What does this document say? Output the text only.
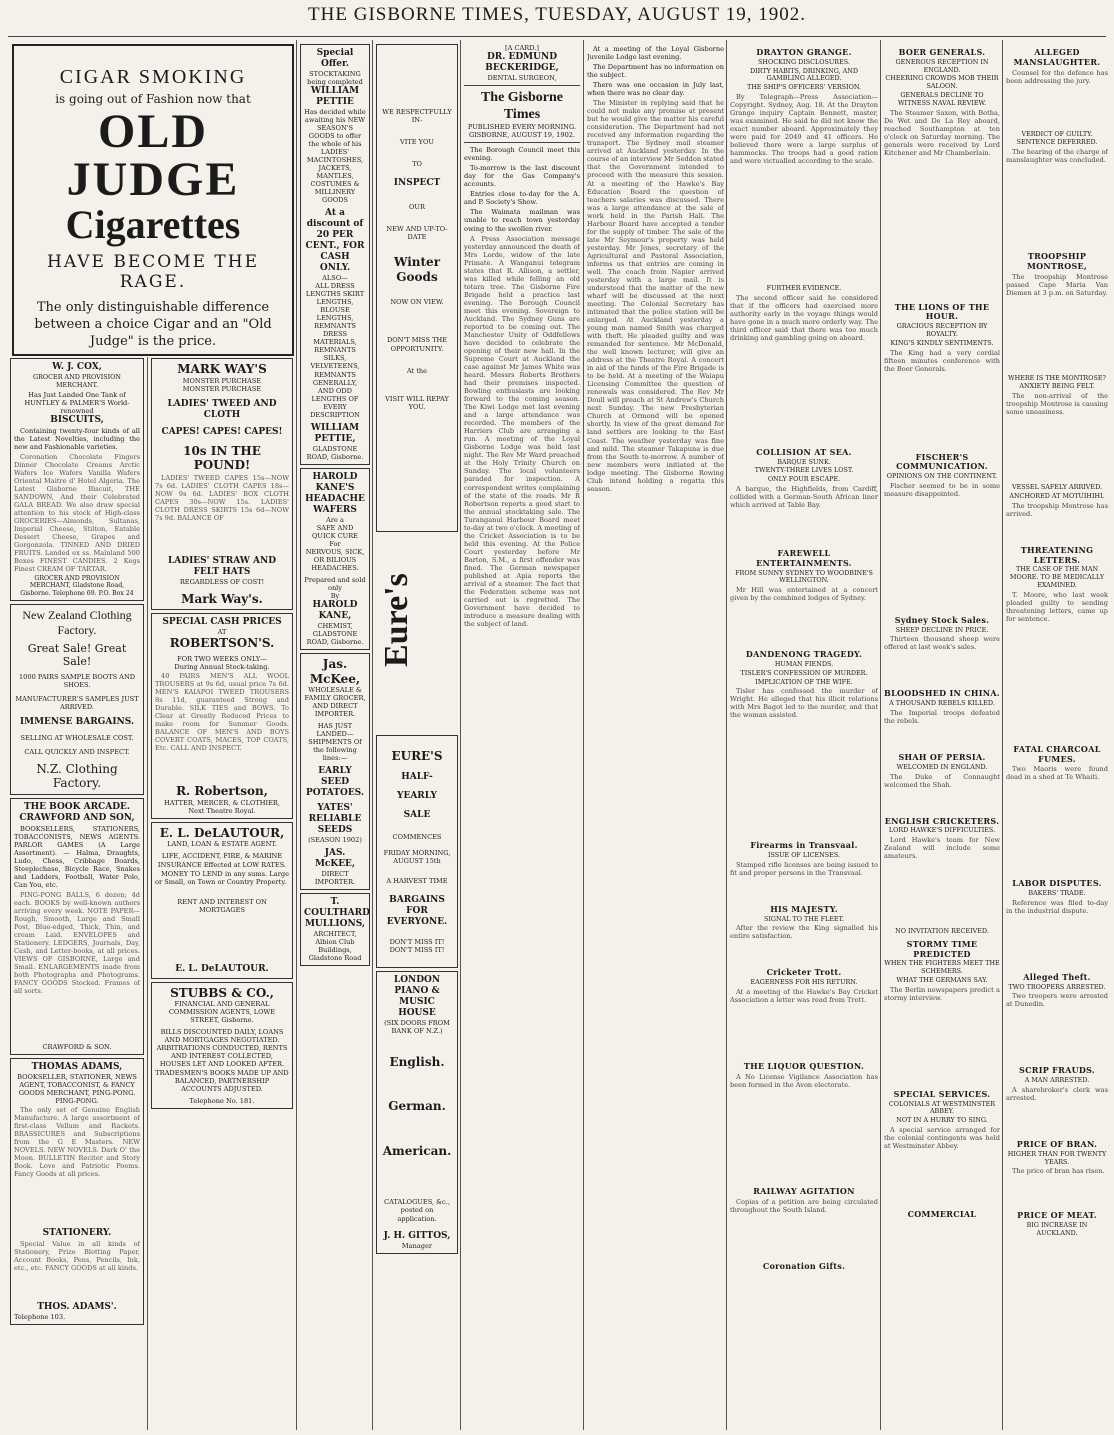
THE GISBORNE TIMES, TUESDAY, AUGUST 19, 1902.
CIGAR SMOKING
is going out of Fashion now that
OLD JUDGE
Cigarettes
HAVE BECOME THE RAGE.
The only distinguishable difference between a choice Cigar and an "Old Judge" is the price.
W. J. COX,
GROCER AND PROVISION MERCHANT.
Has Just Landed One Tank of HUNTLEY & PALMER'S World-renowned
BISCUITS,
Containing twenty-four kinds of all the Latest Novelties, including the new and Fashionable varieties.
Coronation Chocolate Fingers Dinner Chocolate Creams Arctic Wafers Ice Wafers Vanilla Wafers Oriental Maitre d' Hotel Algeria. The Latest Gisborne Biscuit, THE SANDOWN, And their Celebrated GALA BREAD. We also draw special attention to his stock of High-class GROCERIES—Almonds, Sultanas, Imperial Cheese, Stilton, Eatable Dessert Cheese, Grapes and Gorgonzola. TINNED AND DRIED FRUITS. Landed ex ss. Mainland 500 Boxes FINEST CANDIES. 2 Kegs Finest CREAM OF TARTAR.
GROCER AND PROVISION MERCHANT, Gladstone Road, Gisborne. Telephone 69. P.O. Box 24
New Zealand Clothing Factory.
Great Sale! Great Sale!
1000 PAIRS SAMPLE BOOTS AND SHOES.
MANUFACTURER'S SAMPLES JUST ARRIVED.
IMMENSE BARGAINS.
SELLING AT WHOLESALE COST.
CALL QUICKLY AND INSPECT.
N.Z. Clothing Factory.
THE BOOK ARCADE.
CRAWFORD AND SON,
BOOKSELLERS, STATIONERS, TOBACCONISTS, NEWS AGENTS. PARLOR GAMES (A Large Assortment). — Halma, Draughts, Ludo, Chess, Cribbage Boards, Steeplechase, Bicycle Race, Snakes and Ladders, Football, Water Polo, Can You, etc.
PING-PONG BALLS, 6 dozen; 4d each. BOOKS by well-known authors arriving every week. NOTE PAPER—Rough, Smooth, Large and Small Post, Blue-edged, Thick, Thin, and cream Laid. ENVELOPES and Stationery. LEDGERS, Journals, Day, Cash, and Letter-books, at all prices. VIEWS OF GISBORNE, Large and Small. ENLARGEMENTS made from both Photographs and Photograms. FANCY GOODS Stocked. Frames of all sorts.
CRAWFORD & SON.
THOMAS ADAMS,
BOOKSELLER, STATIONER, NEWS AGENT, TOBACCONIST, & FANCY GOODS MERCHANT, PING-PONG. PING-PONG.
The only set of Genuine English Manufacture. A large assortment of first-class Vellum and Rackets. BRASSICURES and Subscriptions from the G E Masters. NEW NOVELS. NEW NOVELS. Dark O' the Moon. BULLETIN Reciter and Story Book. Love and Patriotic Poems. Fancy Goods at all prices.
STATIONERY.
Special Value in all kinds of Stationery, Prize Blotting Paper, Account Books, Pens, Pencils, Ink, etc., etc. FANCY GOODS at all kinds.
THOS. ADAMS'.
Telephone 103.
MARK WAY'S
MONSTER PURCHASE
MONSTER PURCHASE
LADIES' TWEED AND CLOTH
CAPES! CAPES! CAPES!
10s IN THE POUND!
LADIES' TWEED CAPES 15s—NOW 7s 6d. LADIES' CLOTH CAPES 18s—NOW 9s 6d. LADIES' BOX CLOTH CAPES 30s—NOW 15s. LADIES' CLOTH DRESS SKIRTS 15s 6d—NOW 7s 9d. BALANCE OF
LADIES' STRAW AND FELT HATS
REGARDLESS OF COST!
Mark Way's.
SPECIAL CASH PRICES
AT
ROBERTSON'S.
FOR TWO WEEKS ONLY—
During Annual Stock-taking.
40 PAIRS MEN'S ALL WOOL TROUSERS at 9s 6d, usual price 7s 6d. MEN'S KAIAPOI TWEED TROUSERS 8s 11d, guaranteed Strong and Durable. SILK TIES and BOWS. To Clear at Greatly Reduced Prices to make room for Summer Goods. BALANCE OF MEN'S AND BOYS COVERT COATS, MACES, TOP COATS, Etc. CALL AND INSPECT.
R. Robertson,
HATTER, MERCER, & CLOTHIER, Next Theatre Royal.
E. L. DeLAUTOUR,
LAND, LOAN & ESTATE AGENT.
LIFE, ACCIDENT, FIRE, & MARINE INSURANCE Effected at LOW RATES.
MONEY TO LEND in any sums. Large or Small, on Town or Country Property.
RENT AND INTEREST ON MORTGAGES
E. L. DeLAUTOUR.
STUBBS & CO.,
FINANCIAL AND GENERAL COMMISSION AGENTS, LOWE STREET, Gisborne.
BILLS DISCOUNTED DAILY, LOANS AND MORTGAGES NEGOTIATED. ARBITRATIONS CONDUCTED, RENTS AND INTEREST COLLECTED, HOUSES LET AND LOOKED AFTER. TRADESMEN'S BOOKS MADE UP AND BALANCED, PARTNERSHIP ACCOUNTS ADJUSTED.
Telephone No. 181.
Special Offer.
STOCKTAKING being completed
WILLIAM PETTIE
Has decided while awaiting his NEW SEASON'S GOODS to offer the whole of his LADIES' MACINTOSHES, JACKETS, MANTLES, COSTUMES & MILLINERY GOODS
At a discount of 20 PER CENT., FOR CASH ONLY.
ALSO—
ALL DRESS LENGTHS SKIRT LENGTHS, BLOUSE LENGTHS, REMNANTS DRESS MATERIALS, REMNANTS SILKS, VELVETEENS, REMNANTS GENERALLY, AND ODD LENGTHS OF EVERY DESCRIPTION
WILLIAM PETTIE,
GLADSTONE ROAD, Gisborne.
HAROLD KANE'S
HEADACHE WAFERS
Are a
SAFE AND QUICK CURE
For
NERVOUS, SICK, OR BILIOUS
HEADACHES.
Prepared and sold only
By
HAROLD KANE,
CHEMIST, GLADSTONE ROAD, Gisborne.
Jas. McKee,
WHOLESALE & FAMILY GROCER, AND DIRECT IMPORTER.
HAS JUST LANDED— SHIPMENTS Of the following lines:—
EARLY SEED POTATOES.
YATES' RELIABLE SEEDS
(SEASON 1902)
JAS. McKEE,
DIRECT IMPORTER.
T. COULTHARD MULLIONS,
ARCHITECT,
Albion Club Buildings, Gladstone Road
WE RESPECTFULLY IN-
VITE YOU
TO
INSPECT
OUR
NEW AND UP-TO-DATE
Winter Goods
NOW ON VIEW.
DON'T MISS THE OPPORTUNITY.
At the
VISIT WILL REPAY YOU.
EURE'S
HALF-
YEARLY
SALE
COMMENCES
FRIDAY MORNING, AUGUST 15th
A HARVEST TIME
BARGAINS FOR EVERYONE.
DON'T MISS IT! DON'T MISS IT!
LONDON PIANO & MUSIC HOUSE
(SIX DOORS FROM BANK OF N.Z.)
English.
German.
American.
CATALOGUES, &c., posted on application.
J. H. GITTOS,
Manager
Eure's
[A CARD.]
DR. EDMUND BECKERIDGE,
DENTAL SURGEON,
The Gisborne Times
PUBLISHED EVERY MORNING.
GISBORNE, AUGUST 19, 1902.
The Borough Council meet this evening.
To-morrow is the last discount day for the Gas Company's accounts.
Entries close to-day for the A. and P. Society's Show.
The Waimata mailman was unable to reach town yesterday owing to the swollen river.
A Press Association message yesterday announced the death of Mrs Lorde, widow of the late Primate. A Wanganui telegram states that R. Allison, a settler, was killed while felling an old totara tree. The Gisborne Fire Brigade held a practice last evening. The Borough Council meet this evening. Sovereign to Auckland. The Sydney Guns are reported to be coming out. The Manchester Unity of Oddfellows have decided to celebrate the opening of their new hall. In the Supreme Court at Auckland the case against Mr James White was heard. Messrs Roberts Brothers had their premises inspected. Bowling enthusiasts are looking forward to the coming season. The Kiwi Lodge met last evening and a large attendance was recorded. The members of the Harriers Club are arranging a run. A meeting of the Loyal Gisborne Lodge was held last night. The Rev Mr Ward preached at the Holy Trinity Church on Sunday. The local volunteers paraded for inspection. A correspondent writes complaining of the state of the roads. Mr R Robertson reports a good start to the annual stocktaking sale. The Turanganui Harbour Board meet to-day at two o'clock. A meeting of the Cricket Association is to be held this evening. At the Police Court yesterday before Mr Barton, S.M., a first offender was fined. The German newspaper published at Apia reports the arrival of a steamer. The fact that the Federation scheme was not carried out is regretted. The Government have decided to introduce a measure dealing with the subject of land.
At a meeting of the Loyal Gisborne Juvenile Lodge last evening.
The Department has no information on the subject.
There was one occasion in July last, when there was no clear day.
The Minister in replying said that he could not make any promise at present but he would give the matter his careful consideration. The Department had not received any information regarding the transport. The Sydney mail steamer arrived at Auckland yesterday. In the course of an interview Mr Seddon stated that the Government intended to proceed with the measure this session. At a meeting of the Hawke's Bay Education Board the question of teachers salaries was discussed. There was a large attendance at the sale of work held in the Parish Hall. The Harbour Board have accepted a tender for the supply of timber. The sale of the late Mr Seymour's property was held yesterday. Mr Jones, secretary of the Agricultural and Pastoral Association, informs us that entries are coming in well. The coach from Napier arrived yesterday with a large mail. It is understood that the matter of the new wharf will be discussed at the next meeting. The Colonial Secretary has intimated that the police station will be enlarged. At Auckland yesterday a young man named Smith was charged with theft. He pleaded guilty and was remanded for sentence. Mr McDonald, the well known lecturer, will give an address at the Theatre Royal. A concert in aid of the funds of the Fire Brigade is to be held. At a meeting of the Waiapu Licensing Committee the question of renewals was considered. The Rev Mr Doull will preach at St Andrew's Church next Sunday. The new Presbyterian Church at Ormond will be opened shortly. In view of the great demand for land settlers are looking to the East Coast. The weather yesterday was fine and mild. The steamer Takapuna is due from the South to-morrow. A number of new members were initiated at the lodge meeting. The Gisborne Rowing Club intend holding a regatta this season.
DRAYTON GRANGE.
SHOCKING DISCLOSURES.
DIRTY HABITS, DRINKING, AND GAMBLING ALLEGED.
THE SHIP'S OFFICERS' VERSION.
By Telegraph—Press Association—Copyright. Sydney, Aug. 18. At the Drayton Grange inquiry Captain Bennett, master, was examined. He said he did not know the exact number aboard. Approximately they were paid for 2049 and 41 officers. He believed there were a large surplus of hammocks. The troops had a good ration and were victualled according to the scale.
FURTHER EVIDENCE.
The second officer said he considered that if the officers had exercised more authority early in the voyage things would have gone in a much more orderly way. The third officer said that there was too much drinking and gambling going on aboard.
COLLISION AT SEA.
BARQUE SUNK.
TWENTY-THREE LIVES LOST.
ONLY FOUR ESCAPE.
A barque, the Highfields, from Cardiff, collided with a German-South African liner which arrived at Table Bay.
FAREWELL ENTERTAINMENTS.
FROM SUNNY SYDNEY TO WOODBINE'S WELLINGTON.
Mr Hill was entertained at a concert given by the combined lodges of Sydney.
DANDENONG TRAGEDY.
HUMAN FIENDS.
TISLER'S CONFESSION OF MURDER.
IMPLICATION OF THE WIFE.
Tisler has confessed the murder of Wright. He alleged that his illicit relations with Mrs Bagot led to the murder, and that the woman assisted.
Firearms in Transvaal.
ISSUE OF LICENSES.
Stamped rifle licenses are being issued to fit and proper persons in the Transvaal.
HIS MAJESTY.
SIGNAL TO THE FLEET.
After the review the King signalled his entire satisfaction.
Cricketer Trott.
EAGERNESS FOR HIS RETURN.
At a meeting of the Hawke's Bay Cricket Association a letter was read from Trott.
THE LIQUOR QUESTION.
A No License Vigilance Association has been formed in the Avon electorate.
RAILWAY AGITATION
Copies of a petition are being circulated throughout the South Island.
Coronation Gifts.
BOER GENERALS.
GENEROUS RECEPTION IN ENGLAND.
CHEERING CROWDS MOB THEIR SALOON.
GENERALS DECLINE TO WITNESS NAVAL REVIEW.
The Steamer Saxon, with Botha, De Wet and De La Rey aboard, reached Southampton at ten o'clock on Saturday morning. The generals were received by Lord Kitchener and Mr Chamberlain.
THE LIONS OF THE HOUR.
GRACIOUS RECEPTION BY ROYALTY.
KING'S KINDLY SENTIMENTS.
The King had a very cordial fifteen minutes conference with the Boer Generals.
FISCHER'S COMMUNICATION.
OPINIONS ON THE CONTINENT.
Fischer seemed to be in some measure disappointed.
Sydney Stock Sales.
SHEEP DECLINE IN PRICE.
Thirteen thousand sheep were offered at last week's sales.
BLOODSHED IN CHINA.
A THOUSAND REBELS KILLED.
The Imperial troops defeated the rebels.
SHAH OF PERSIA.
WELCOMED IN ENGLAND.
The Duke of Connaught welcomed the Shah.
ENGLISH CRICKETERS.
LORD HAWKE'S DIFFICULTIES.
Lord Hawke's team for New Zealand will include some amateurs.
NO INVITATION RECEIVED.
STORMY TIME PREDICTED
WHEN THE FIGHTERS MEET THE SCHEMERS.
WHAT THE GERMANS SAY.
The Berlin newspapers predict a stormy interview.
SPECIAL SERVICES.
COLONIALS AT WESTMINSTER ABBEY.
NOT IN A HURRY TO SING.
A special service arranged for the colonial contingents was held at Westminster Abbey.
COMMERCIAL
ALLEGED MANSLAUGHTER.
Counsel for the defence has been addressing the jury.
VERDICT OF GUILTY.
SENTENCE DEFERRED.
The hearing of the charge of manslaughter was concluded.
TROOPSHIP MONTROSE,
The troopship Montrose passed Cape Maria Van Diemen at 3 p.m. on Saturday.
WHERE IS THE MONTROSE?
ANXIETY BEING FELT.
The non-arrival of the troopship Montrose is causing some uneasiness.
VESSEL SAFELY ARRIVED.
ANCHORED AT MOTUIHIHI.
The troopship Montrose has arrived.
THREATENING LETTERS.
THE CASE OF THE MAN MOORE. TO BE MEDICALLY EXAMINED.
T. Moore, who last week pleaded guilty to sending threatening letters, came up for sentence.
FATAL CHARCOAL FUMES.
Two Maoris were found dead in a shed at Te Whaiti.
LABOR DISPUTES.
BAKERS' TRADE.
Reference was filed to-day in the industrial dispute.
Alleged Theft.
TWO TROOPERS ARRESTED.
Two troopers were arrested at Dunedin.
SCRIP FRAUDS.
A MAN ARRESTED.
A sharebroker's clerk was arrested.
PRICE OF BRAN.
HIGHER THAN FOR TWENTY YEARS.
The price of bran has risen.
PRICE OF MEAT.
BIG INCREASE IN AUCKLAND.
